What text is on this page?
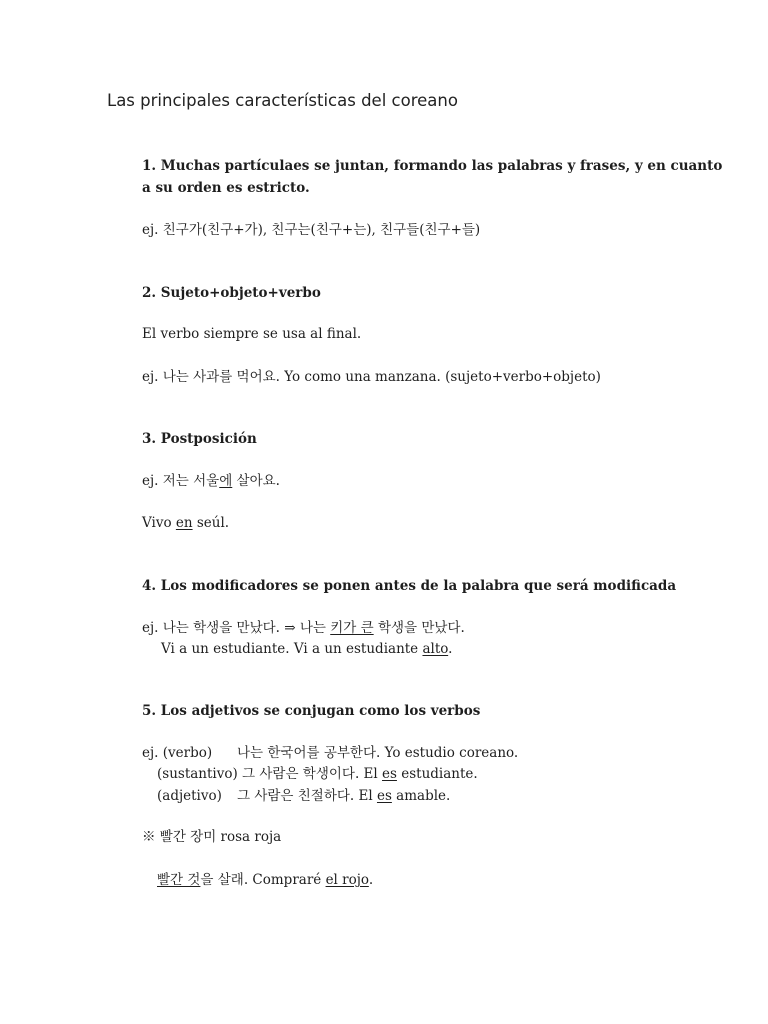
Las principales características del coreano
1. Muchas partículaes se juntan, formando las palabras y frases, y en cuanto
a su orden es estricto.
ej. 친구가(친구+가), 친구는(친구+는), 친구들(친구+들)
2. Sujeto+objeto+verbo
El verbo siempre se usa al final.
ej. 나는 사과를 먹어요. Yo como una manzana. (sujeto+verbo+objeto)
3. Postposición
ej. 저는 서울에 살아요.
Vivo en seúl.
4. Los modificadores se ponen antes de la palabra que será modificada
ej. 나는 학생을 만났다. ⇒ 나는 키가 큰 학생을 만났다.
Vi a un estudiante. Vi a un estudiante alto.
5. Los adjetivos se conjugan como los verbos
ej. (verbo) 나는 한국어를 공부한다. Yo estudio coreano.
(sustantivo) 그 사람은 학생이다. El es estudiante.
(adjetivo) 그 사람은 친절하다. El es amable.
※ 빨간 장미 rosa roja
빨간 것을 살래. Compraré el rojo.
